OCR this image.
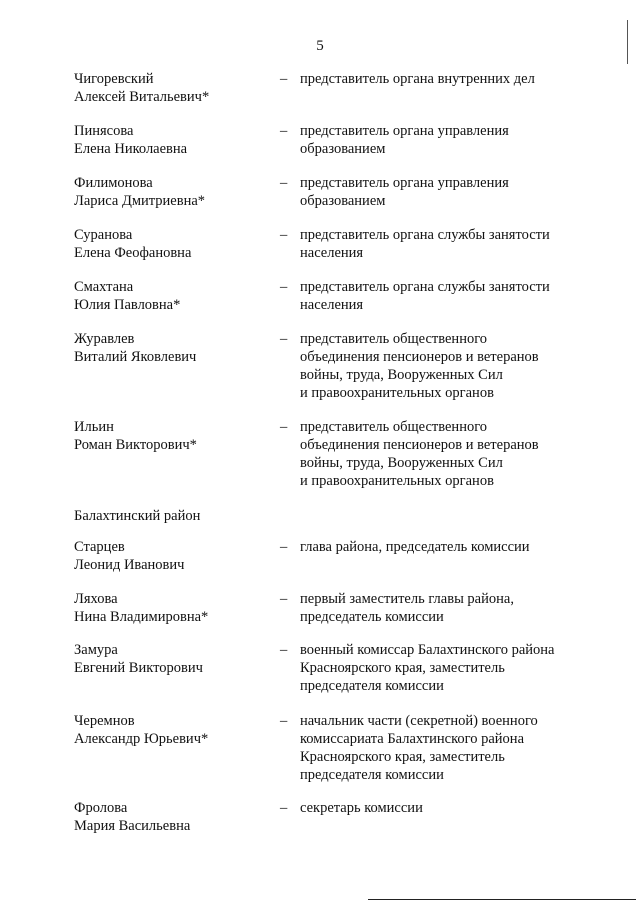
5
Чигоревский
Алексей Витальевич*
– представитель органа внутренних дел
Пинясова
Елена Николаевна
– представитель органа управления
образованием
Филимонова
Лариса Дмитриевна*
– представитель органа управления
образованием
Суранова
Елена Феофановна
– представитель органа службы занятости
населения
Смахтана
Юлия Павловна*
– представитель органа службы занятости
населения
Журавлев
Виталий Яковлевич
– представитель общественного
объединения пенсионеров и ветеранов
войны, труда, Вооруженных Сил
и правоохранительных органов
Ильин
Роман Викторович*
– представитель общественного
объединения пенсионеров и ветеранов
войны, труда, Вооруженных Сил
и правоохранительных органов
Балахтинский район
Старцев
Леонид Иванович
– глава района, председатель комиссии
Ляхова
Нина Владимировна*
– первый заместитель главы района,
председатель комиссии
Замура
Евгений Викторович
– военный комиссар Балахтинского района
Красноярского края, заместитель
председателя комиссии
Черемнов
Александр Юрьевич*
– начальник части (секретной) военного
комиссариата Балахтинского района
Красноярского края, заместитель
председателя комиссии
Фролова
Мария Васильевна
– секретарь комиссии
